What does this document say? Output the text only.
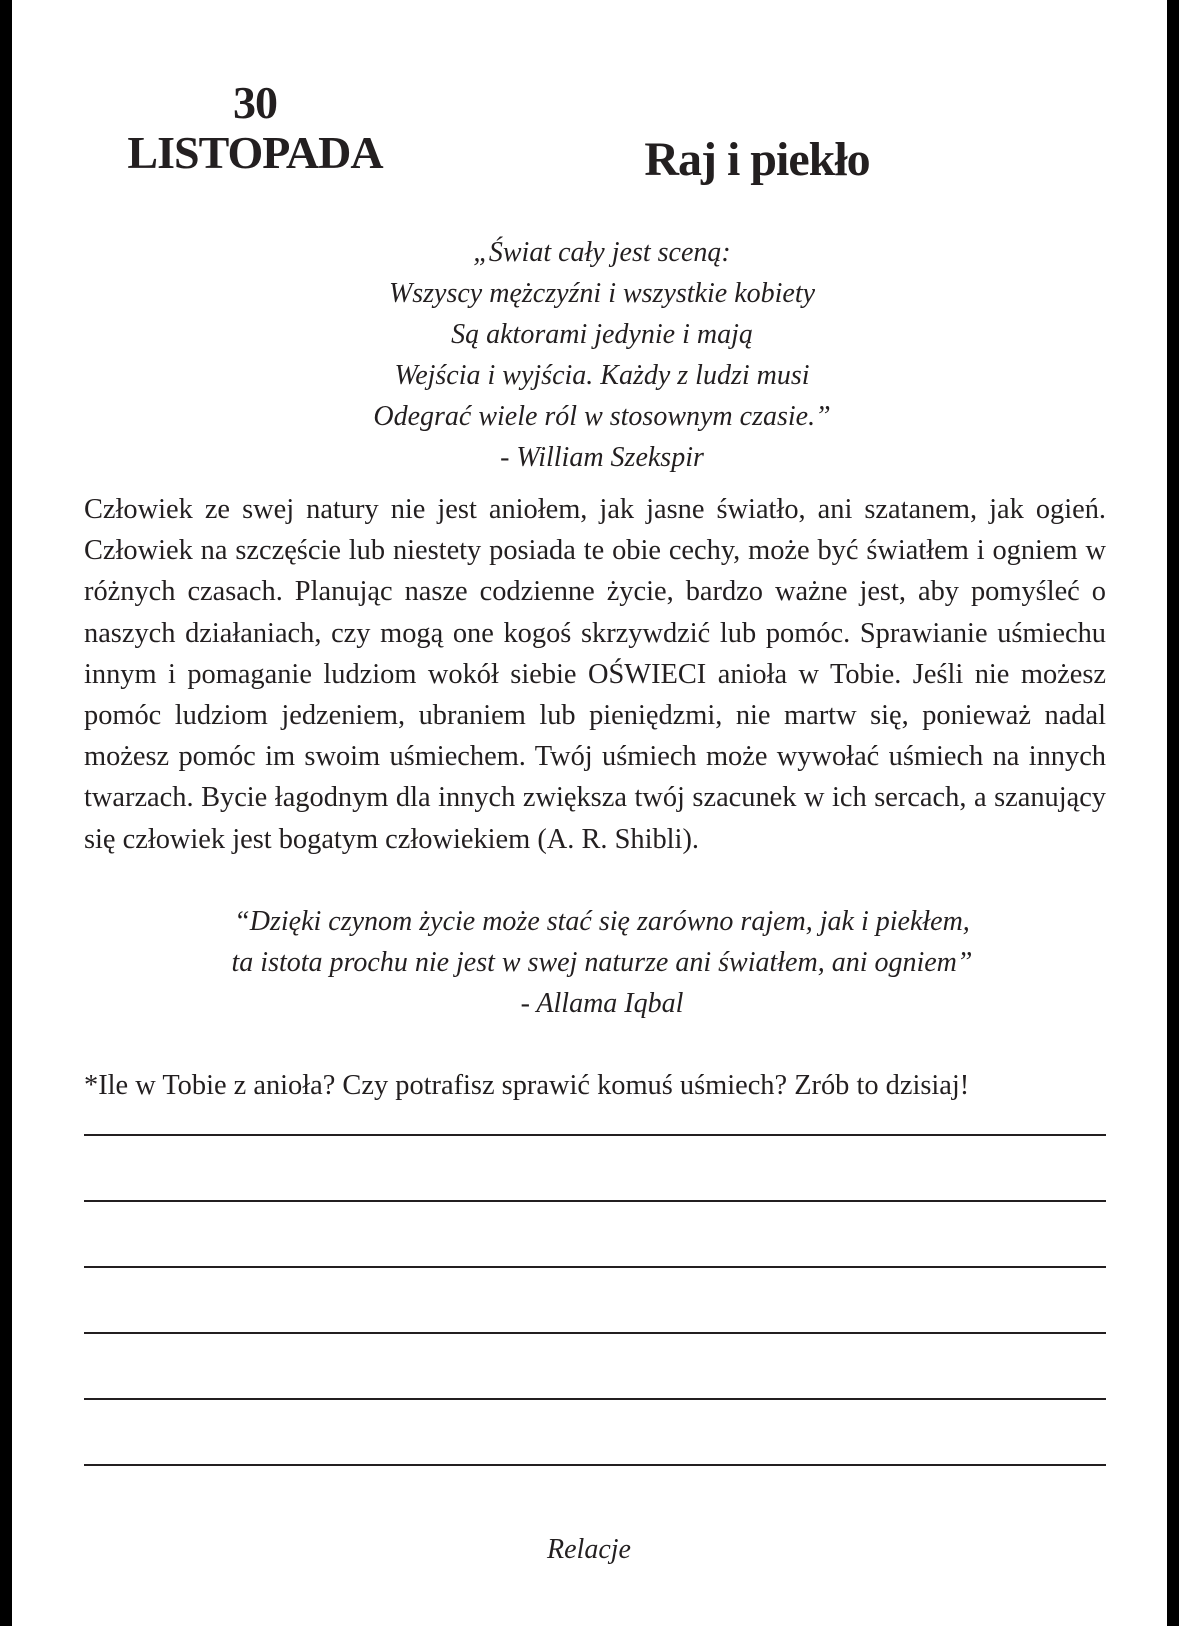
30
LISTOPADA	Raj i piekło
„Świat cały jest sceną:
Wszyscy mężczyźni i wszystkie kobiety
Są aktorami jedynie i mają
Wejścia i wyjścia. Każdy z ludzi musi
Odegrać wiele ról w stosownym czasie.”
- William Szekspir

Człowiek ze swej natury nie jest aniołem, jak jasne światło, ani szatanem, jak ogień. Człowiek na szczęście lub niestety posiada te obie cechy, może być światłem i ogniem w różnych czasach. Planując nasze codzienne życie, bardzo ważne jest, aby pomyśleć o naszych działaniach, czy mogą one kogoś skrzywdzić lub pomóc. Sprawianie uśmiechu innym i pomaganie ludziom wokół siebie OŚWIECI anioła w Tobie. Jeśli nie możesz pomóc ludziom jedzeniem, ubraniem lub pieniędzmi, nie martw się, ponieważ nadal możesz pomóc im swoim uśmiechem. Twój uśmiech może wywołać uśmiech na innych twarzach. Bycie łagodnym dla innych zwiększa twój szacunek w ich sercach, a szanujący się człowiek jest bogatym człowiekiem (A. R. Shibli).

“Dzięki czynom życie może stać się zarówno rajem, jak i piekłem,
ta istota prochu nie jest w swej naturze ani światłem, ani ogniem”
- Allama Iqbal
*Ile w Tobie z anioła? Czy potrafisz sprawić komuś uśmiech? Zrób to dzisiaj!
Relacje
